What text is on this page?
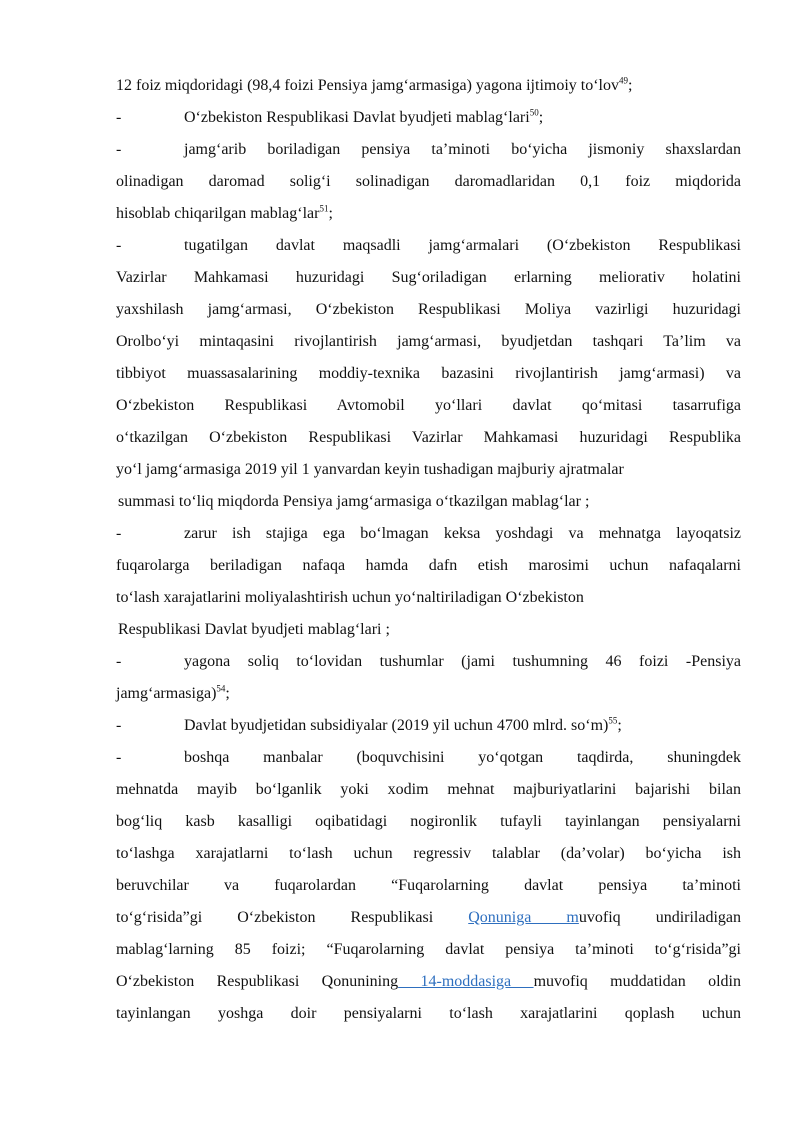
12 foiz miqdoridagi (98,4 foizi Pensiya jamg‘armasiga) yagona ijtimoiy to‘lov$^{49}$;
-	O‘zbekiston Respublikasi Davlat byudjeti mablag‘lari$^{50}$;
-	jamg‘arib boriladigan pensiya ta’minoti bo‘yicha jismoniy shaxslardan
olinadigan daromad solig‘i solinadigan daromadlaridan 0,1 foiz miqdorida
hisoblab chiqarilgan mablag‘lar$^{51}$;
-	tugatilgan davlat maqsadli jamg‘armalari (O‘zbekiston Respublikasi
Vazirlar Mahkamasi huzuridagi Sug‘oriladigan erlarning meliorativ holatini
yaxshilash jamg‘armasi, O‘zbekiston Respublikasi Moliya vazirligi huzuridagi
Orolbo‘yi mintaqasini rivojlantirish jamg‘armasi, byudjetdan tashqari Ta’lim va
tibbiyot muassasalarining moddiy-texnika bazasini rivojlantirish jamg‘armasi) va
O‘zbekiston Respublikasi Avtomobil yo‘llari davlat qo‘mitasi tasarrufiga
o‘tkazilgan O‘zbekiston Respublikasi Vazirlar Mahkamasi huzuridagi Respublika
yo‘l jamg‘armasiga 2019 yil 1 yanvardan keyin tushadigan majburiy ajratmalar
summasi to‘liq miqdorda Pensiya jamg‘armasiga o‘tkazilgan mablag‘lar ;
-	zarur ish stajiga ega bo‘lmagan keksa yoshdagi va mehnatga layoqatsiz
fuqarolarga beriladigan nafaqa hamda dafn etish marosimi uchun nafaqalarni
to‘lash xarajatlarini moliyalashtirish uchun yo‘naltiriladigan O‘zbekiston
Respublikasi Davlat byudjeti mablag‘lari ;
-	yagona soliq to‘lovidan tushumlar (jami tushumning 46 foizi -Pensiya
jamg‘armasiga)$^{54}$;
-	Davlat byudjetidan subsidiyalar (2019 yil uchun 4700 mlrd. so‘m)$^{55}$;
-	boshqa manbalar (boquvchisini yo‘qotgan taqdirda, shuningdek
mehnatda mayib bo‘lganlik yoki xodim mehnat majburiyatlarini bajarishi bilan
bog‘liq kasb kasalligi oqibatidagi nogironlik tufayli tayinlangan pensiyalarni
to‘lashga xarajatlarni to‘lash uchun regressiv talablar (da’volar) bo‘yicha ish
beruvchilar va fuqarolardan “Fuqarolarning davlat pensiya ta’minoti
to‘g‘risida”gi O‘zbekiston Respublikasi Qonuniga muvofiq undiriladigan
mablag‘larning 85 foizi; “Fuqarolarning davlat pensiya ta’minoti to‘g‘risida”gi
O‘zbekiston Respublikasi Qonunining 14-moddasiga muvofiq muddatidan oldin
tayinlangan yoshga doir pensiyalarni to‘lash xarajatlarini qoplash uchun
